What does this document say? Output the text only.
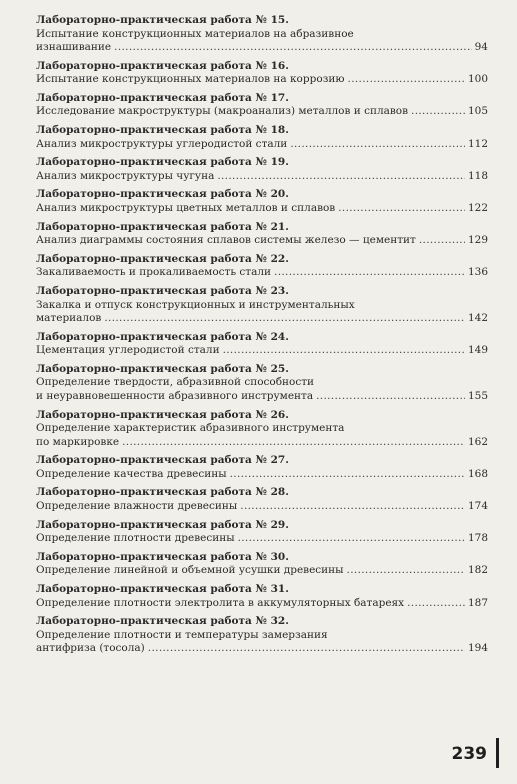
Лабораторно-практическая работа № 15.
Испытание конструкционных материалов на абразивное
изнашивание . . .	94
Лабораторно-практическая работа № 16.
Испытание конструкционных материалов на коррозию . . .	100
Лабораторно-практическая работа № 17.
Исследование макроструктуры (макроанализ) металлов и сплавов . . .	105
Лабораторно-практическая работа № 18.
Анализ микроструктуры углеродистой стали . . .	112
Лабораторно-практическая работа № 19.
Анализ микроструктуры чугуна . . .	118
Лабораторно-практическая работа № 20.
Анализ микроструктуры цветных металлов и сплавов . . .	122
Лабораторно-практическая работа № 21.
Анализ диаграммы состояния сплавов системы железо — цементит . . .	129
Лабораторно-практическая работа № 22.
Закаливаемость и прокаливаемость стали . . .	136
Лабораторно-практическая работа № 23.
Закалка и отпуск конструкционных и инструментальных
материалов . . .	142
Лабораторно-практическая работа № 24.
Цементация углеродистой стали . . .	149
Лабораторно-практическая работа № 25.
Определение твердости, абразивной способности
и неуравновешенности абразивного инструмента . . .	155
Лабораторно-практическая работа № 26.
Определение характеристик абразивного инструмента
по маркировке . . .	162
Лабораторно-практическая работа № 27.
Определение качества древесины . . .	168
Лабораторно-практическая работа № 28.
Определение влажности древесины . . .	174
Лабораторно-практическая работа № 29.
Определение плотности древесины . . .	178
Лабораторно-практическая работа № 30.
Определение линейной и объемной усушки древесины . . .	182
Лабораторно-практическая работа № 31.
Определение плотности электролита в аккумуляторных батареях . . .	187
Лабораторно-практическая работа № 32.
Определение плотности и температуры замерзания
антифриза (тосола) . . .	194
239
